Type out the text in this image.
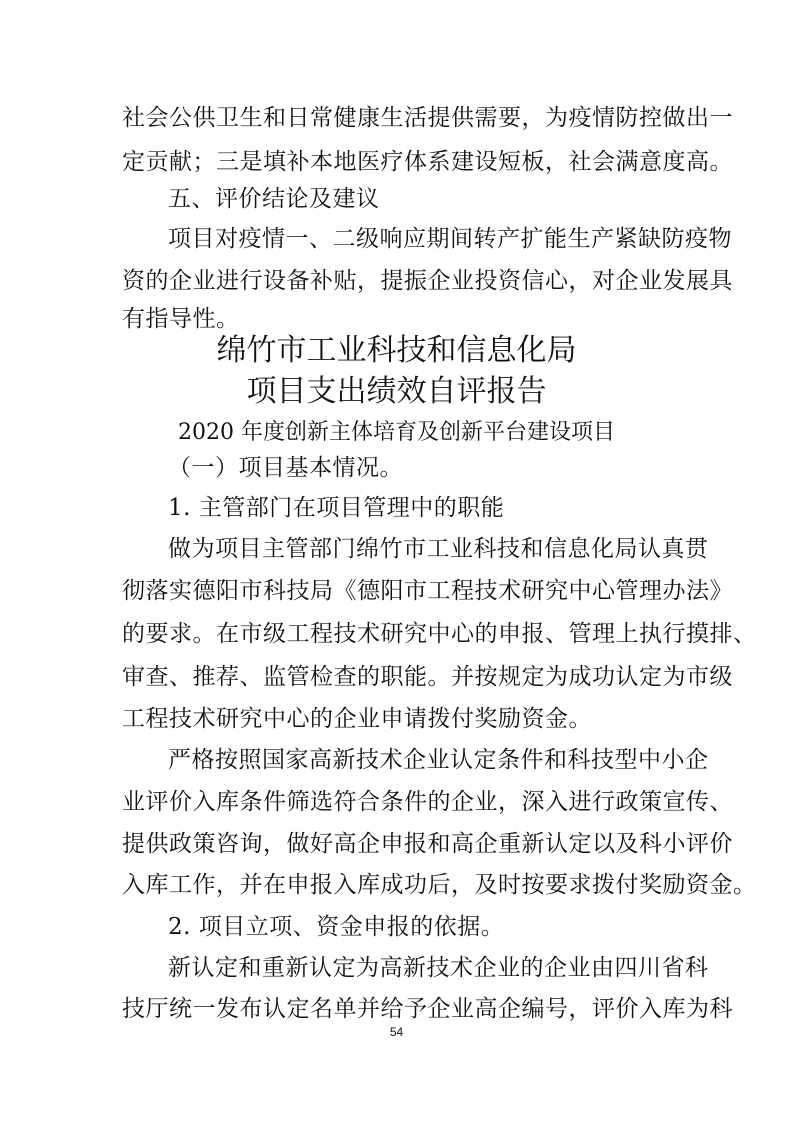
社会公供卫生和日常健康生活提供需要，为疫情防控做出一
定贡献；三是填补本地医疗体系建设短板，社会满意度高。
五、评价结论及建议
项目对疫情一、二级响应期间转产扩能生产紧缺防疫物
资的企业进行设备补贴，提振企业投资信心，对企业发展具
有指导性。
绵竹市工业科技和信息化局
项目支出绩效自评报告
2020 年度创新主体培育及创新平台建设项目
（一）项目基本情况。
1. 主管部门在项目管理中的职能
做为项目主管部门绵竹市工业科技和信息化局认真贯
彻落实德阳市科技局《德阳市工程技术研究中心管理办法》
的要求。在市级工程技术研究中心的申报、管理上执行摸排、
审查、推荐、监管检查的职能。并按规定为成功认定为市级
工程技术研究中心的企业申请拨付奖励资金。
严格按照国家高新技术企业认定条件和科技型中小企
业评价入库条件筛选符合条件的企业，深入进行政策宣传、
提供政策咨询，做好高企申报和高企重新认定以及科小评价
入库工作，并在申报入库成功后，及时按要求拨付奖励资金。
2. 项目立项、资金申报的依据。
新认定和重新认定为高新技术企业的企业由四川省科
技厅统一发布认定名单并给予企业高企编号，评价入库为科
54
